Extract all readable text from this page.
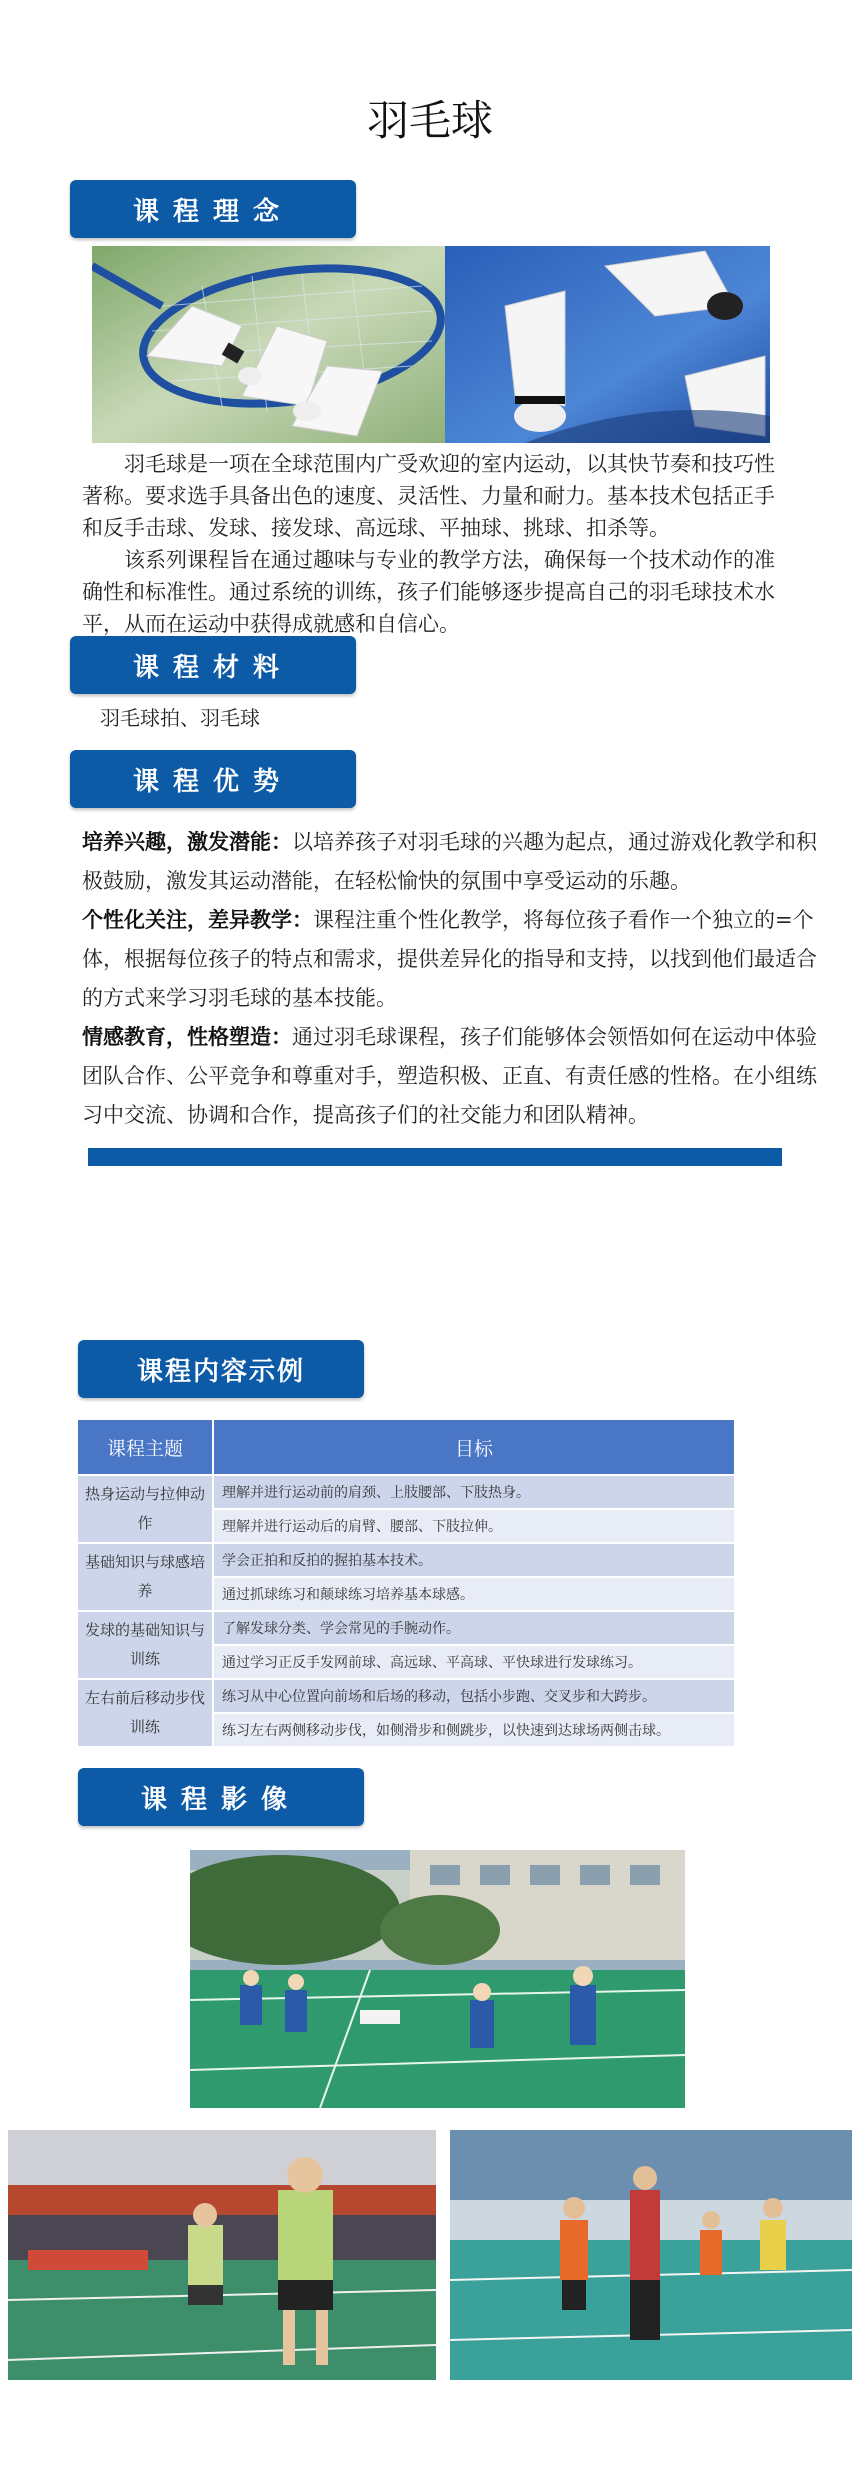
羽毛球
课程理念

羽毛球是一项在全球范围内广受欢迎的室内运动，以其快节奏和技巧性著称。要求选手具备出色的速度、灵活性、力量和耐力。基本技术包括正手和反手击球、发球、接发球、高远球、平抽球、挑球、扣杀等。

该系列课程旨在通过趣味与专业的教学方法，确保每一个技术动作的准确性和标准性。通过系统的训练，孩子们能够逐步提高自己的羽毛球技术水平，从而在运动中获得成就感和自信心。

课程材料
羽毛球拍、羽毛球
课程优势

培养兴趣，激发潜能：以培养孩子对羽毛球的兴趣为起点，通过游戏化教学和积极鼓励，激发其运动潜能，在轻松愉快的氛围中享受运动的乐趣。

个性化关注，差异教学：课程注重个性化教学，将每位孩子看作一个独立的=个体，根据每位孩子的特点和需求，提供差异化的指导和支持，以找到他们最适合的方式来学习羽毛球的基本技能。

情感教育，性格塑造：通过羽毛球课程，孩子们能够体会领悟如何在运动中体验团队合作、公平竞争和尊重对手，塑造积极、正直、有责任感的性格。在小组练习中交流、协调和合作，提高孩子们的社交能力和团队精神。

课程内容示例
课程主题	目标
热身运动与拉伸动作	理解并进行运动前的肩颈、上肢腰部、下肢热身。
	理解并进行运动后的肩臂、腰部、下肢拉伸。
基础知识与球感培养	学会正拍和反拍的握拍基本技术。
	通过抓球练习和颠球练习培养基本球感。
发球的基础知识与训练	了解发球分类、学会常见的手腕动作。
	通过学习正反手发网前球、高远球、平高球、平快球进行发球练习。
左右前后移动步伐训练	练习从中心位置向前场和后场的移动，包括小步跑、交叉步和大跨步。
	练习左右两侧移动步伐，如侧滑步和侧跳步，以快速到达球场两侧击球。
课程影像
